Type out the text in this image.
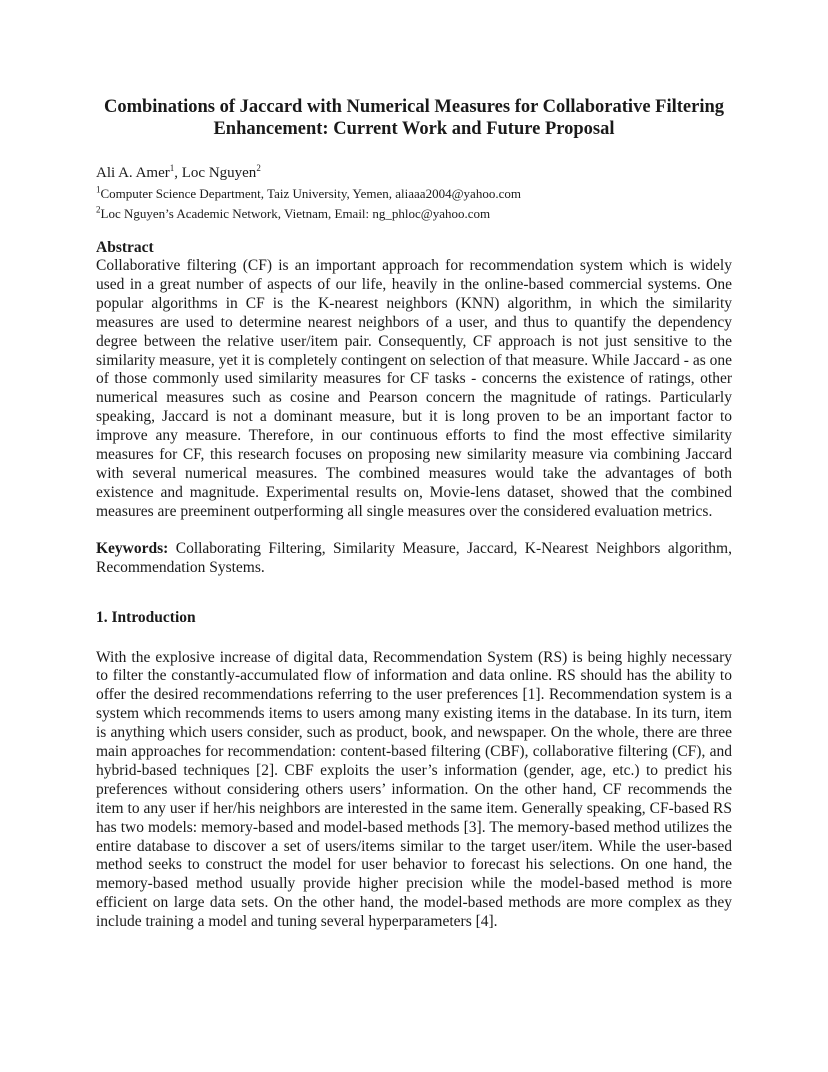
Combinations of Jaccard with Numerical Measures for Collaborative Filtering
Enhancement: Current Work and Future Proposal
Ali A. Amer$^1$, Loc Nguyen$^2$
$^1$Computer Science Department, Taiz University, Yemen, aliaaa2004@yahoo.com
$^2$Loc Nguyen’s Academic Network, Vietnam, Email: ng_phloc@yahoo.com
Abstract

Collaborative filtering (CF) is an important approach for recommendation system which is widely used in a great number of aspects of our life, heavily in the online-based commercial systems. One popular algorithms in CF is the K-nearest neighbors (KNN) algorithm, in which the similarity measures are used to determine nearest neighbors of a user, and thus to quantify the dependency degree between the relative user/item pair. Consequently, CF approach is not just sensitive to the similarity measure, yet it is completely contingent on selection of that measure. While Jaccard - as one of those commonly used similarity measures for CF tasks - concerns the existence of ratings, other numerical measures such as cosine and Pearson concern the magnitude of ratings. Particularly speaking, Jaccard is not a dominant measure, but it is long proven to be an important factor to improve any measure. Therefore, in our continuous efforts to find the most effective similarity measures for CF, this research focuses on proposing new similarity measure via combining Jaccard with several numerical measures. The combined measures would take the advantages of both existence and magnitude. Experimental results on, Movie-lens dataset, showed that the combined measures are preeminent outperforming all single measures over the considered evaluation metrics.

Keywords: Collaborating Filtering, Similarity Measure, Jaccard, K-Nearest Neighbors algorithm, Recommendation Systems.
1. Introduction

With the explosive increase of digital data, Recommendation System (RS) is being highly necessary to filter the constantly-accumulated flow of information and data online. RS should has the ability to offer the desired recommendations referring to the user preferences [1]. Recommendation system is a system which recommends items to users among many existing items in the database. In its turn, item is anything which users consider, such as product, book, and newspaper. On the whole, there are three main approaches for recommendation: content-based filtering (CBF), collaborative filtering (CF), and hybrid-based techniques [2]. CBF exploits the user’s information (gender, age, etc.) to predict his preferences without considering others users’ information. On the other hand, CF recommends the item to any user if her/his neighbors are interested in the same item. Generally speaking, CF-based RS has two models: memory-based and model-based methods [3]. The memory-based method utilizes the entire database to discover a set of users/items similar to the target user/item. While the user-based method seeks to construct the model for user behavior to forecast his selections. On one hand, the memory-based method usually provide higher precision while the model-based method is more efficient on large data sets. On the other hand, the model-based methods are more complex as they include training a model and tuning several hyperparameters [4].
